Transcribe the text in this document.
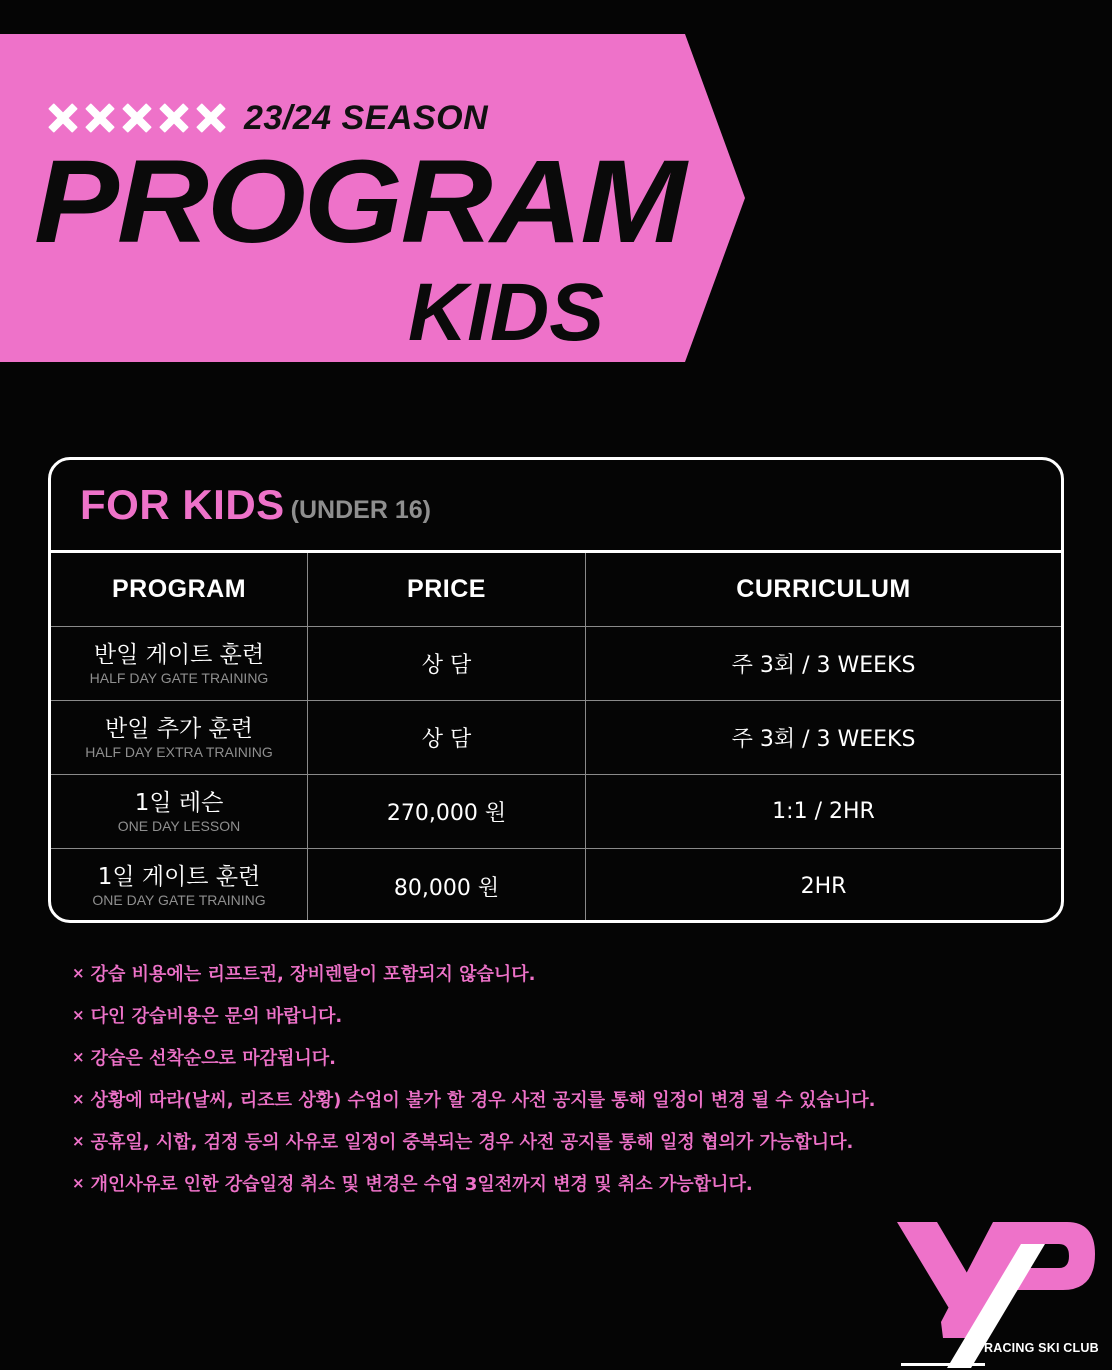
23/24 SEASON
PROGRAM
KIDS
FOR KIDS (UNDER 16)
PROGRAM	PRICE	CURRICULUM
반일 게이트 훈련
HALF DAY GATE TRAINING	상 담	주 3회 / 3 WEEKS
반일 추가 훈련
HALF DAY EXTRA TRAINING	상 담	주 3회 / 3 WEEKS
1일 레슨
ONE DAY LESSON	270,000 원	1:1 / 2HR
1일 게이트 훈련
ONE DAY GATE TRAINING	80,000 원	2HR
× 강습 비용에는 리프트권, 장비렌탈이 포함되지 않습니다.
× 다인 강습비용은 문의 바랍니다.
× 강습은 선착순으로 마감됩니다.
× 상황에 따라(날씨, 리조트 상황) 수업이 불가 할 경우 사전 공지를 통해 일정이 변경 될 수 있습니다.
× 공휴일, 시합, 검정 등의 사유로 일정이 중복되는 경우 사전 공지를 통해 일정 협의가 가능합니다.
× 개인사유로 인한 강습일정 취소 및 변경은 수업 3일전까지 변경 및 취소 가능합니다.
RACING SKI CLUB
